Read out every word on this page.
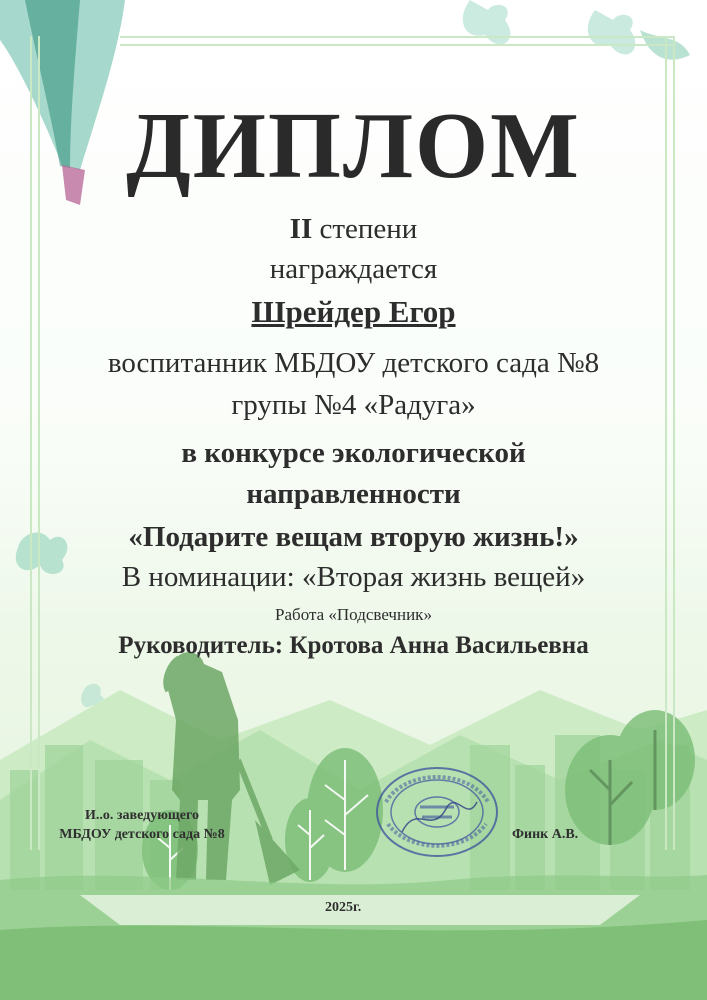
ДИПЛОМ
II степени
награждается
Шрейдер Егор
воспитанник МБДОУ детского сада №8
групы №4 «Радуга»
в конкурсе экологической
направленности
«Подарите вещам вторую жизнь!»
В номинации: «Вторая жизнь вещей»
Работа «Подсвечник»
Руководитель: Кротова Анна Васильевна
И..о. заведующего
МБДОУ детского сада №8	Финк А.В.
2025г.
